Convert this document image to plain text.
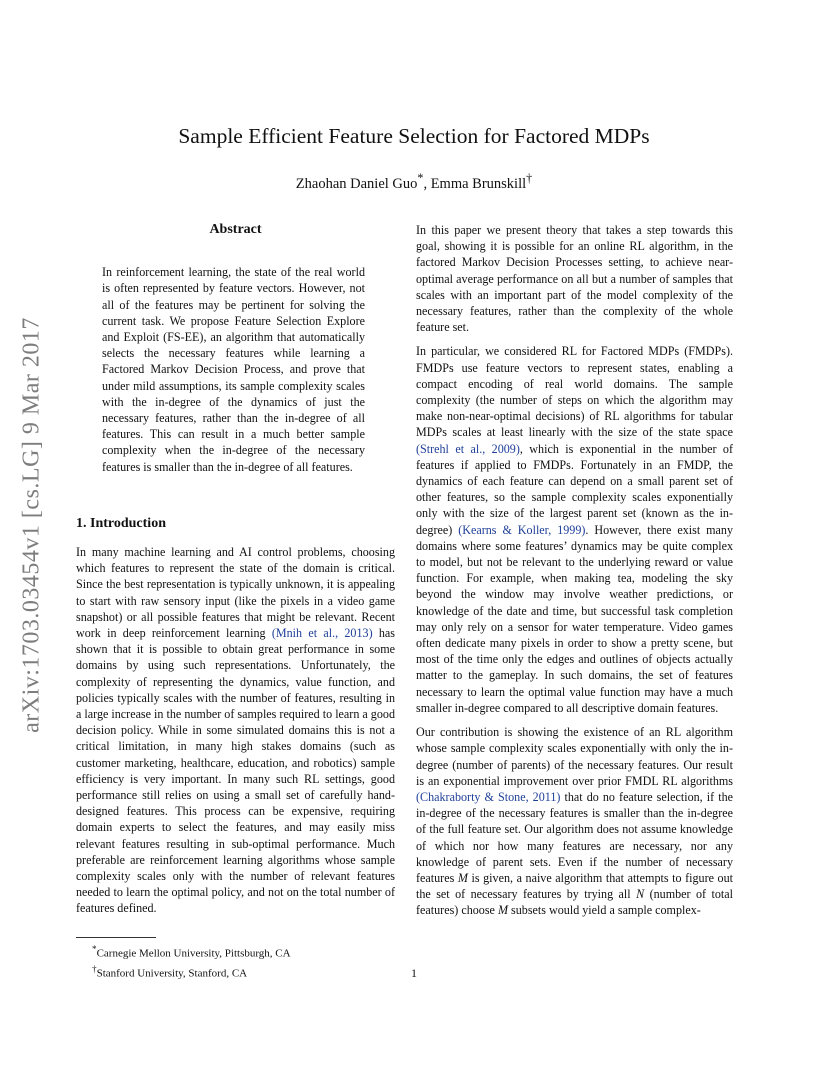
arXiv:1703.03454v1 [cs.LG] 9 Mar 2017
Sample Efficient Feature Selection for Factored MDPs
Zhaohan Daniel Guo*, Emma Brunskill†
Abstract

In reinforcement learning, the state of the real world is often represented by feature vectors. However, not all of the features may be pertinent for solving the current task. We propose Feature Selection Explore and Exploit (FS-EE), an algorithm that automatically selects the necessary features while learning a Factored Markov Decision Process, and prove that under mild assumptions, its sample complexity scales with the in-degree of the dynamics of just the necessary features, rather than the in-degree of all features. This can result in a much better sample complexity when the in-degree of the necessary features is smaller than the in-degree of all features.

1. Introduction

In many machine learning and AI control problems, choosing which features to represent the state of the domain is critical. Since the best representation is typically unknown, it is appealing to start with raw sensory input (like the pixels in a video game snapshot) or all possible features that might be relevant. Recent work in deep reinforcement learning (Mnih et al., 2013) has shown that it is possible to obtain great performance in some domains by using such representations. Unfortunately, the complexity of representing the dynamics, value function, and policies typically scales with the number of features, resulting in a large increase in the number of samples required to learn a good decision policy. While in some simulated domains this is not a critical limitation, in many high stakes domains (such as customer marketing, healthcare, education, and robotics) sample efficiency is very important. In many such RL settings, good performance still relies on using a small set of carefully hand-designed features. This process can be expensive, requiring domain experts to select the features, and may easily miss relevant features resulting in sub-optimal performance. Much preferable are reinforcement learning algorithms whose sample complexity scales only with the number of relevant features needed to learn the optimal policy, and not on the total number of features defined.

In this paper we present theory that takes a step towards this goal, showing it is possible for an online RL algorithm, in the factored Markov Decision Processes setting, to achieve near-optimal average performance on all but a number of samples that scales with an important part of the model complexity of the necessary features, rather than the complexity of the whole feature set.

In particular, we considered RL for Factored MDPs (FMDPs). FMDPs use feature vectors to represent states, enabling a compact encoding of real world domains. The sample complexity (the number of steps on which the algorithm may make non-near-optimal decisions) of RL algorithms for tabular MDPs scales at least linearly with the size of the state space (Strehl et al., 2009), which is exponential in the number of features if applied to FMDPs. Fortunately in an FMDP, the dynamics of each feature can depend on a small parent set of other features, so the sample complexity scales exponentially only with the size of the largest parent set (known as the in-degree) (Kearns & Koller, 1999). However, there exist many domains where some features’ dynamics may be quite complex to model, but not be relevant to the underlying reward or value function. For example, when making tea, modeling the sky beyond the window may involve weather predictions, or knowledge of the date and time, but successful task completion may only rely on a sensor for water temperature. Video games often dedicate many pixels in order to show a pretty scene, but most of the time only the edges and outlines of objects actually matter to the gameplay. In such domains, the set of features necessary to learn the optimal value function may have a much smaller in-degree compared to all descriptive domain features.

Our contribution is showing the existence of an RL algorithm whose sample complexity scales exponentially with only the in-degree (number of parents) of the necessary features. Our result is an exponential improvement over prior FMDL RL algorithms (Chakraborty & Stone, 2011) that do no feature selection, if the in-degree of the necessary features is smaller than the in-degree of the full feature set. Our algorithm does not assume knowledge of which nor how many features are necessary, nor any knowledge of parent sets. Even if the number of necessary features M is given, a naive algorithm that attempts to figure out the set of necessary features by trying all N (number of total features) choose M subsets would yield a sample complex-

*Carnegie Mellon University, Pittsburgh, CA
†Stanford University, Stanford, CA	1
